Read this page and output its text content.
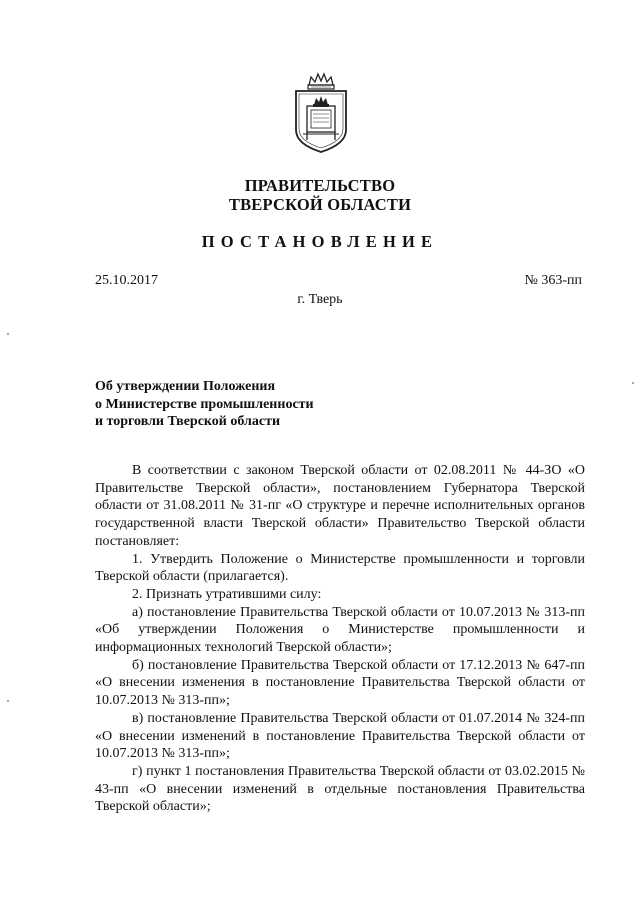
ПРАВИТЕЛЬСТВО
ТВЕРСКОЙ ОБЛАСТИ
ПОСТАНОВЛЕНИЕ
25.10.2017	№ 363-пп
г. Тверь
Об утверждении Положения
о Министерстве промышленности
и торговли Тверской области

В соответствии с законом Тверской области от 02.08.2011 № 44-ЗО «О Правительстве Тверской области», постановлением Губернатора Тверской области от 31.08.2011 № 31-пг «О структуре и перечне исполнительных органов государственной власти Тверской области» Правительство Тверской области постановляет:

1. Утвердить Положение о Министерстве промышленности и торговли Тверской области (прилагается).

2. Признать утратившими силу:

а) постановление Правительства Тверской области от 10.07.2013 № 313-пп «Об утверждении Положения о Министерстве промышленности и информационных технологий Тверской области»;

б) постановление Правительства Тверской области от 17.12.2013 № 647-пп «О внесении изменения в постановление Правительства Тверской области от 10.07.2013 № 313-пп»;

в) постановление Правительства Тверской области от 01.07.2014 № 324-пп «О внесении изменений в постановление Правительства Тверской области от 10.07.2013 № 313-пп»;

г) пункт 1 постановления Правительства Тверской области от 03.02.2015 № 43-пп «О внесении изменений в отдельные постановления Правительства Тверской области»;
